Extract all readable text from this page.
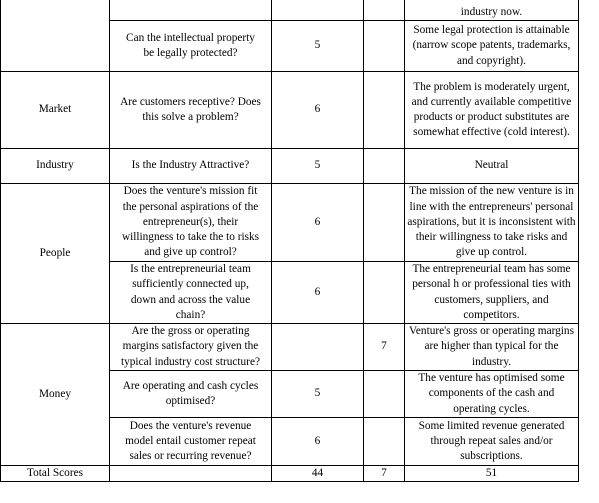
				industry now.
	Can the intellectual property be legally protected?	5		Some legal protection is attainable (narrow scope patents, trademarks, and copyright).
Market	Are customers receptive? Does this solve a problem?	6		The problem is moderately urgent, and currently available competitive products or product substitutes are somewhat effective (cold interest).
Industry	Is the Industry Attractive?	5		Neutral
People	Does the venture's mission fit the personal aspirations of the entrepreneur(s), their willingness to take the to risks and give up control?	6		The mission of the new venture is in line with the entrepreneurs' personal aspirations, but it is inconsistent with their willingness to take risks and give up control.
	Is the entrepreneurial team sufficiently connected up, down and across the value chain?	6		The entrepreneurial team has some personal h or professional ties with customers, suppliers, and competitors.
Money	Are the gross or operating margins satisfactory given the typical industry cost structure?		7	Venture's gross or operating margins are higher than typical for the industry.
	Are operating and cash cycles optimised?	5		The venture has optimised some components of the cash and operating cycles.
	Does the venture's revenue model entail customer repeat sales or recurring revenue?	6		Some limited revenue generated through repeat sales and/or subscriptions.
Total Scores		44	7	51
